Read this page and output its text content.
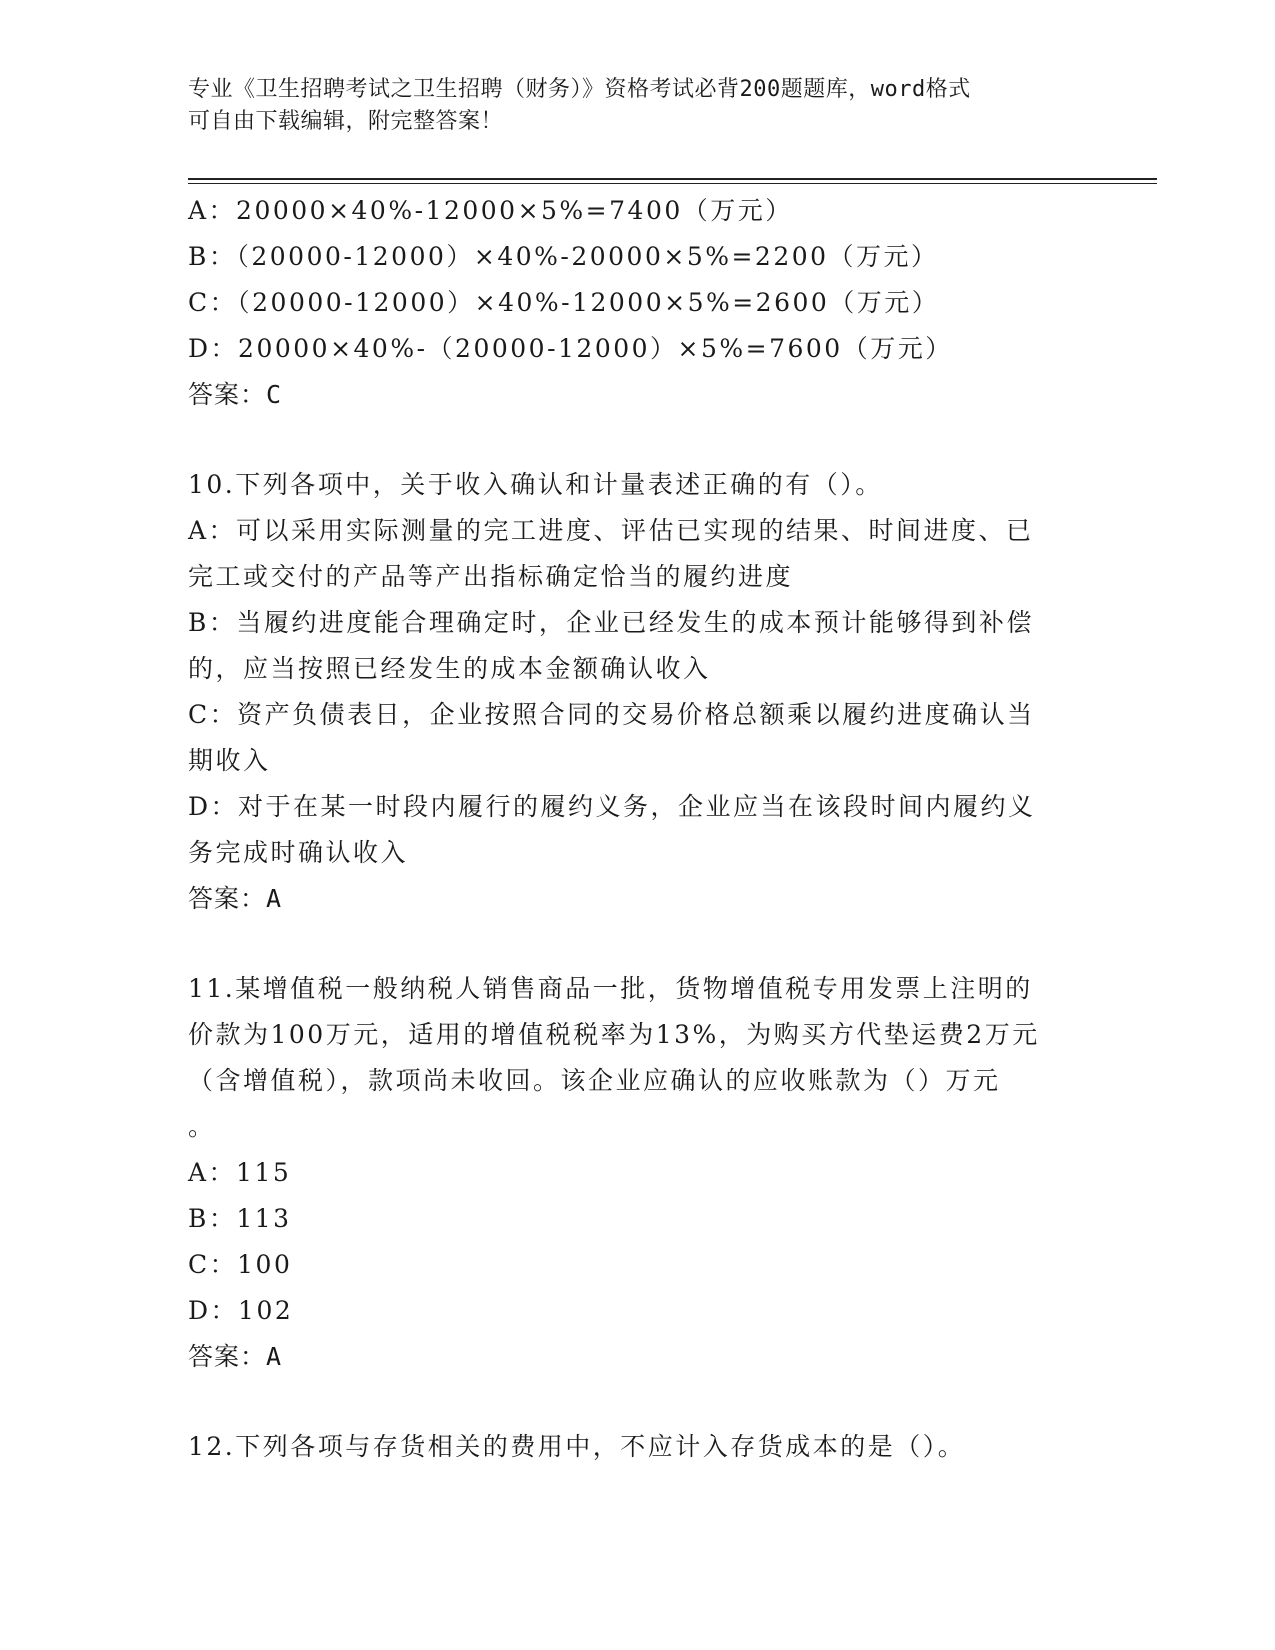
专业《卫生招聘考试之卫生招聘（财务）》资格考试必背200题题库，word格式
可自由下载编辑，附完整答案！
A：20000×40%-12000×5%=7400（万元）
B：（20000-12000）×40%-20000×5%=2200（万元）
C：（20000-12000）×40%-12000×5%=2600（万元）
D：20000×40%-（20000-12000）×5%=7600（万元）
答案：C
10.下列各项中，关于收入确认和计量表述正确的有（）。
A：可以采用实际测量的完工进度、评估已实现的结果、时间进度、已
完工或交付的产品等产出指标确定恰当的履约进度
B：当履约进度能合理确定时，企业已经发生的成本预计能够得到补偿
的，应当按照已经发生的成本金额确认收入
C：资产负债表日，企业按照合同的交易价格总额乘以履约进度确认当
期收入
D：对于在某一时段内履行的履约义务，企业应当在该段时间内履约义
务完成时确认收入
答案：A
11.某增值税一般纳税人销售商品一批，货物增值税专用发票上注明的
价款为100万元，适用的增值税税率为13%，为购买方代垫运费2万元
（含增值税），款项尚未收回。该企业应确认的应收账款为（）万元
。
A：115
B：113
C：100
D：102
答案：A
12.下列各项与存货相关的费用中，不应计入存货成本的是（）。
